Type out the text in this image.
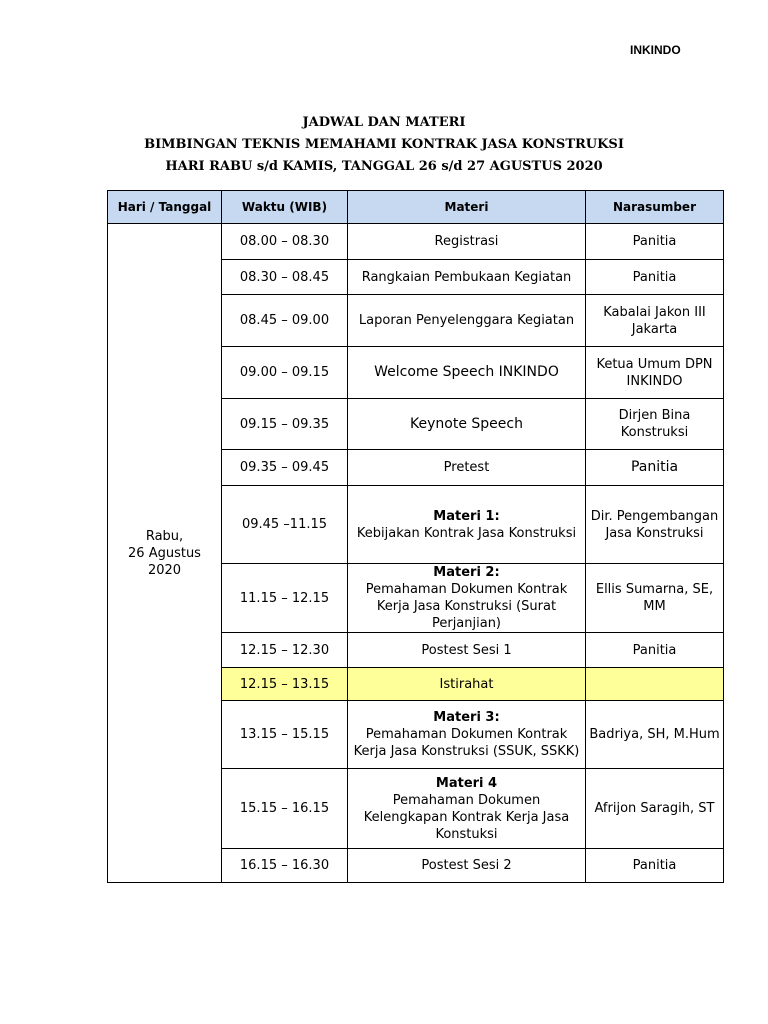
INKINDO
JADWAL DAN MATERI
BIMBINGAN TEKNIS MEMAHAMI KONTRAK JASA KONSTRUKSI
HARI RABU s/d KAMIS, TANGGAL 26 s/d 27 AGUSTUS 2020
Hari / Tanggal	Waktu (WIB)	Materi	Narasumber

Rabu,
26 Agustus
2020	08.00 – 08.30	Registrasi	Panitia
	08.30 – 08.45	Rangkaian Pembukaan Kegiatan	Panitia
	08.45 – 09.00	Laporan Penyelenggara Kegiatan	Kabalai Jakon III Jakarta
	09.00 – 09.15	Welcome Speech INKINDO	Ketua Umum DPN INKINDO
	09.15 – 09.35	Keynote Speech	Dirjen Bina Konstruksi
	09.35 – 09.45	Pretest	Panitia
	09.45 –11.15	Materi 1:
Kebijakan Kontrak Jasa Konstruksi	Dir. Pengembangan Jasa Konstruksi
	11.15 – 12.15	Materi 2:
Pemahaman Dokumen Kontrak Kerja Jasa Konstruksi (Surat Perjanjian)	Ellis Sumarna, SE, MM
	12.15 – 12.30	Postest Sesi 1	Panitia
	12.15 – 13.15	Istirahat	
	13.15 – 15.15	Materi 3:
Pemahaman Dokumen Kontrak Kerja Jasa Konstruksi (SSUK, SSKK)	Badriya, SH, M.Hum
	15.15 – 16.15	Materi 4
Pemahaman Dokumen Kelengkapan Kontrak Kerja Jasa Konstuksi	Afrijon Saragih, ST
	16.15 – 16.30	Postest Sesi 2	Panitia
